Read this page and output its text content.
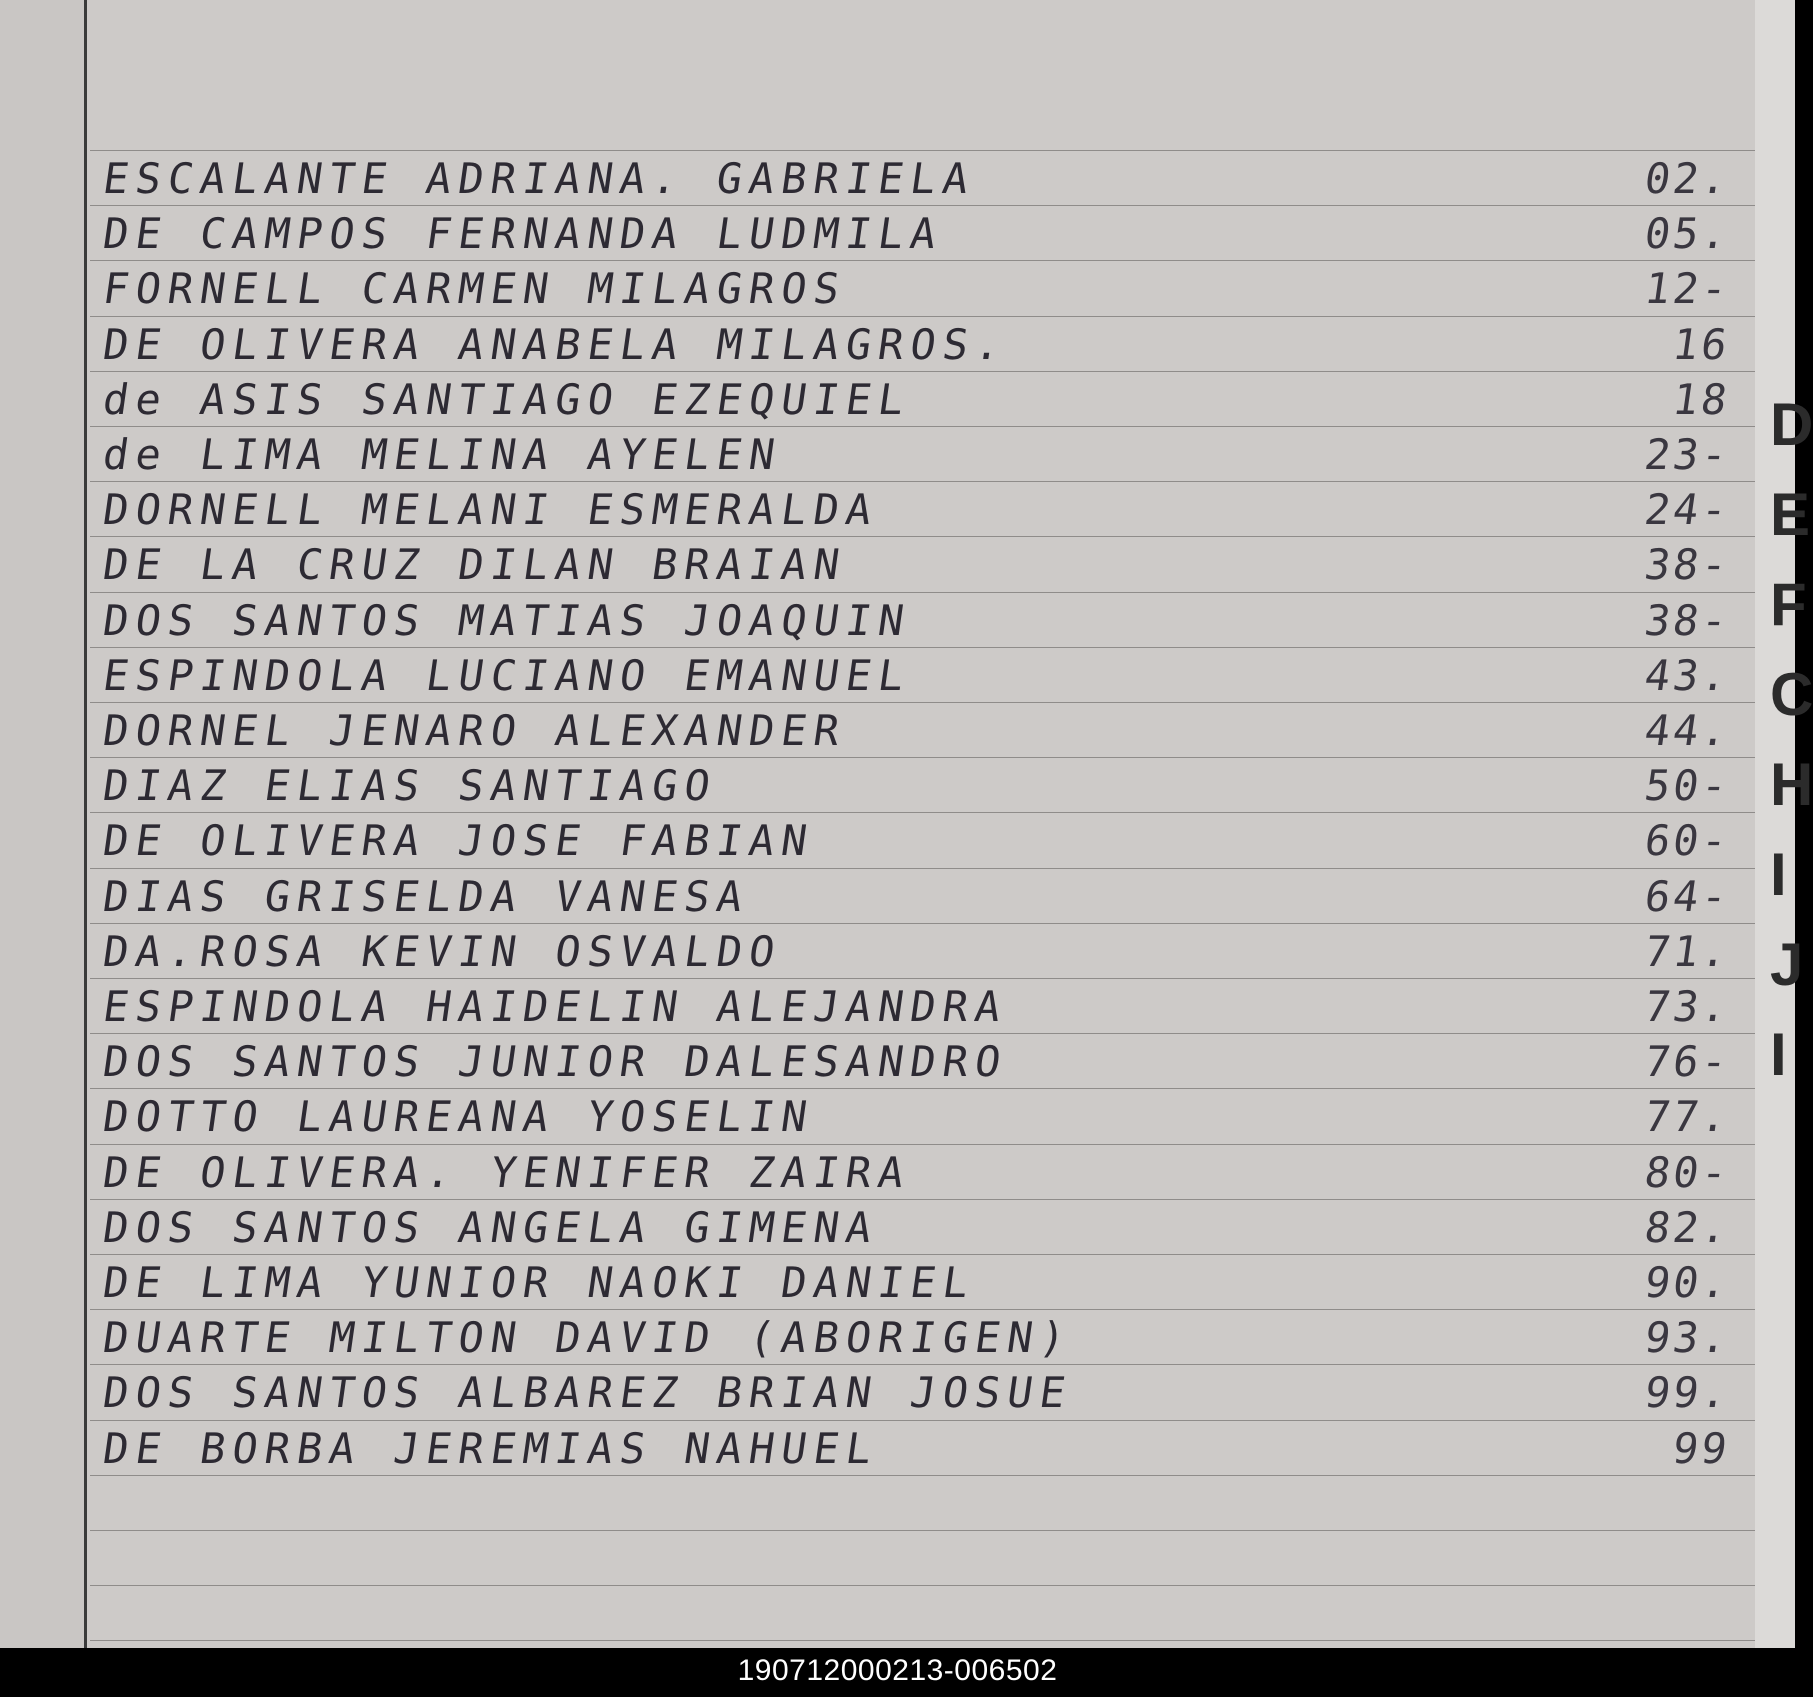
D
E
F
C
H
I
J
I
ESCALANTE ADRIANA. GABRIELA	02.
DE CAMPOS FERNANDA LUDMILA	05.
FORNELL CARMEN MILAGROS	12-
DE OLIVERA ANABELA MILAGROS.	16
de ASIS SANTIAGO EZEQUIEL	18
de LIMA MELINA AYELEN	23-
DORNELL MELANI ESMERALDA	24-
DE LA CRUZ DILAN BRAIAN	38-
DOS SANTOS MATIAS JOAQUIN	38-
ESPINDOLA LUCIANO EMANUEL	43.
DORNEL JENARO ALEXANDER	44.
DIAZ ELIAS SANTIAGO	50-
DE OLIVERA JOSE FABIAN	60-
DIAS GRISELDA VANESA	64-
DA.ROSA KEVIN OSVALDO	71.
ESPINDOLA HAIDELIN ALEJANDRA	73.
DOS SANTOS JUNIOR DALESANDRO	76-
DOTTO LAUREANA YOSELIN	77.
DE OLIVERA. YENIFER ZAIRA	80-
DOS SANTOS ANGELA GIMENA	82.
DE LIMA YUNIOR NAOKI DANIEL	90.
DUARTE MILTON DAVID (ABORIGEN)	93.
DOS SANTOS ALBAREZ BRIAN JOSUE	99.
DE BORBA JEREMIAS NAHUEL	99
190712000213-006502
